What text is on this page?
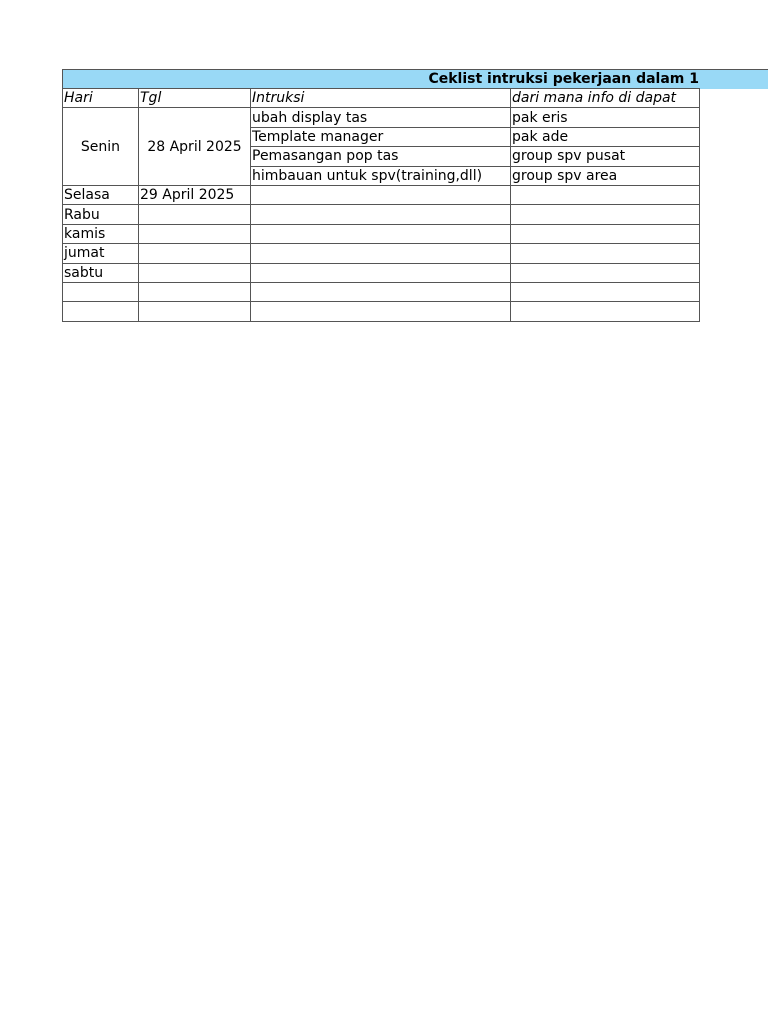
Ceklist intruksi pekerjaan dalam 1
Hari	Tgl	Intruksi	dari mana info di dapat
Senin	28 April 2025	ubah display tas	pak eris
		Template manager	pak ade
		Pemasangan pop tas	group spv pusat
		himbauan untuk spv(training,dll)	group spv area
Selasa	29 April 2025		
Rabu			
kamis			
jumat			
sabtu			
